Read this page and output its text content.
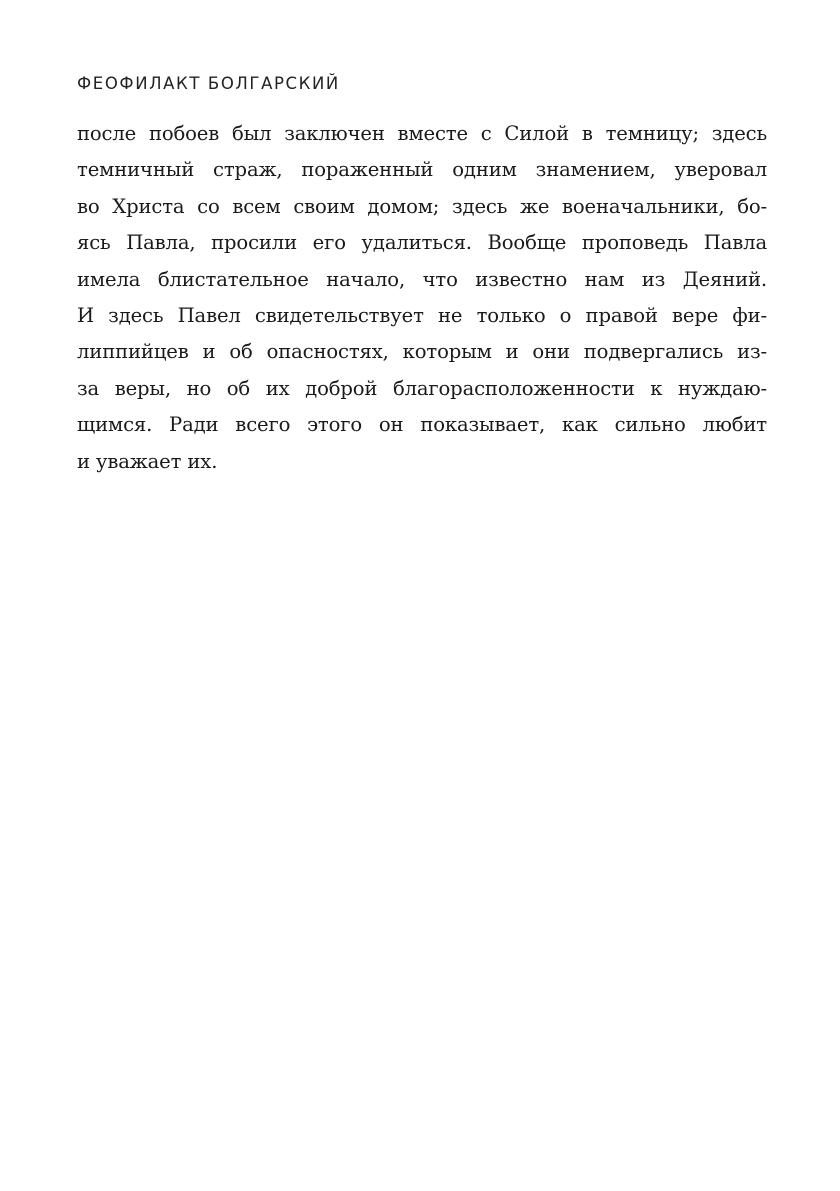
ФЕОФИЛАКТ БОЛГАРСКИЙ
после побоев был заключен вместе с Силой в темницу; здесь
темничный страж, пораженный одним знамением, уверовал
во Христа со всем своим домом; здесь же военачальники, бо-
ясь Павла, просили его удалиться. Вообще проповедь Павла
имела блистательное начало, что известно нам из Деяний.
И здесь Павел свидетельствует не только о правой вере фи-
липпийцев и об опасностях, которым и они подвергались из-
за веры, но об их доброй благорасположенности к нуждаю-
щимся. Ради всего этого он показывает, как сильно любит
и уважает их.
